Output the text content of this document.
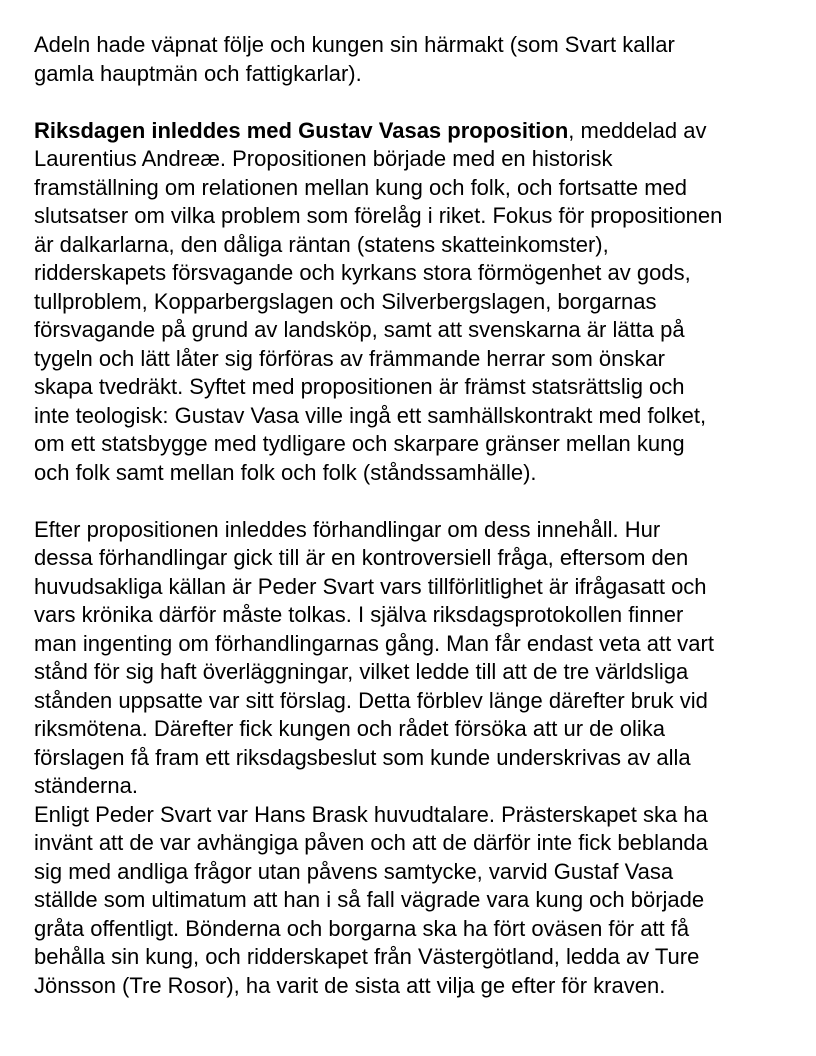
Adeln hade väpnat följe och kungen sin härmakt (som Svart kallar
gamla hauptmän och fattigkarlar).
Riksdagen inleddes med Gustav Vasas proposition, meddelad av
Laurentius Andreæ. Propositionen började med en historisk
framställning om relationen mellan kung och folk, och fortsatte med
slutsatser om vilka problem som förelåg i riket. Fokus för propositionen
är dalkarlarna, den dåliga räntan (statens skatteinkomster),
ridderskapets försvagande och kyrkans stora förmögenhet av gods,
tullproblem, Kopparbergslagen och Silverbergslagen, borgarnas
försvagande på grund av landsköp, samt att svenskarna är lätta på
tygeln och lätt låter sig förföras av främmande herrar som önskar
skapa tvedräkt. Syftet med propositionen är främst statsrättslig och
inte teologisk: Gustav Vasa ville ingå ett samhällskontrakt med folket,
om ett statsbygge med tydligare och skarpare gränser mellan kung
och folk samt mellan folk och folk (ståndssamhälle).
Efter propositionen inleddes förhandlingar om dess innehåll. Hur
dessa förhandlingar gick till är en kontroversiell fråga, eftersom den
huvudsakliga källan är Peder Svart vars tillförlitlighet är ifrågasatt och
vars krönika därför måste tolkas. I själva riksdagsprotokollen finner
man ingenting om förhandlingarnas gång. Man får endast veta att vart
stånd för sig haft överläggningar, vilket ledde till att de tre världsliga
stånden uppsatte var sitt förslag. Detta förblev länge därefter bruk vid
riksmötena. Därefter fick kungen och rådet försöka att ur de olika
förslagen få fram ett riksdagsbeslut som kunde underskrivas av alla
ständerna.
Enligt Peder Svart var Hans Brask huvudtalare. Prästerskapet ska ha
invänt att de var avhängiga påven och att de därför inte fick beblanda
sig med andliga frågor utan påvens samtycke, varvid Gustaf Vasa
ställde som ultimatum att han i så fall vägrade vara kung och började
gråta offentligt. Bönderna och borgarna ska ha fört oväsen för att få
behålla sin kung, och ridderskapet från Västergötland, ledda av Ture
Jönsson (Tre Rosor), ha varit de sista att vilja ge efter för kraven.
